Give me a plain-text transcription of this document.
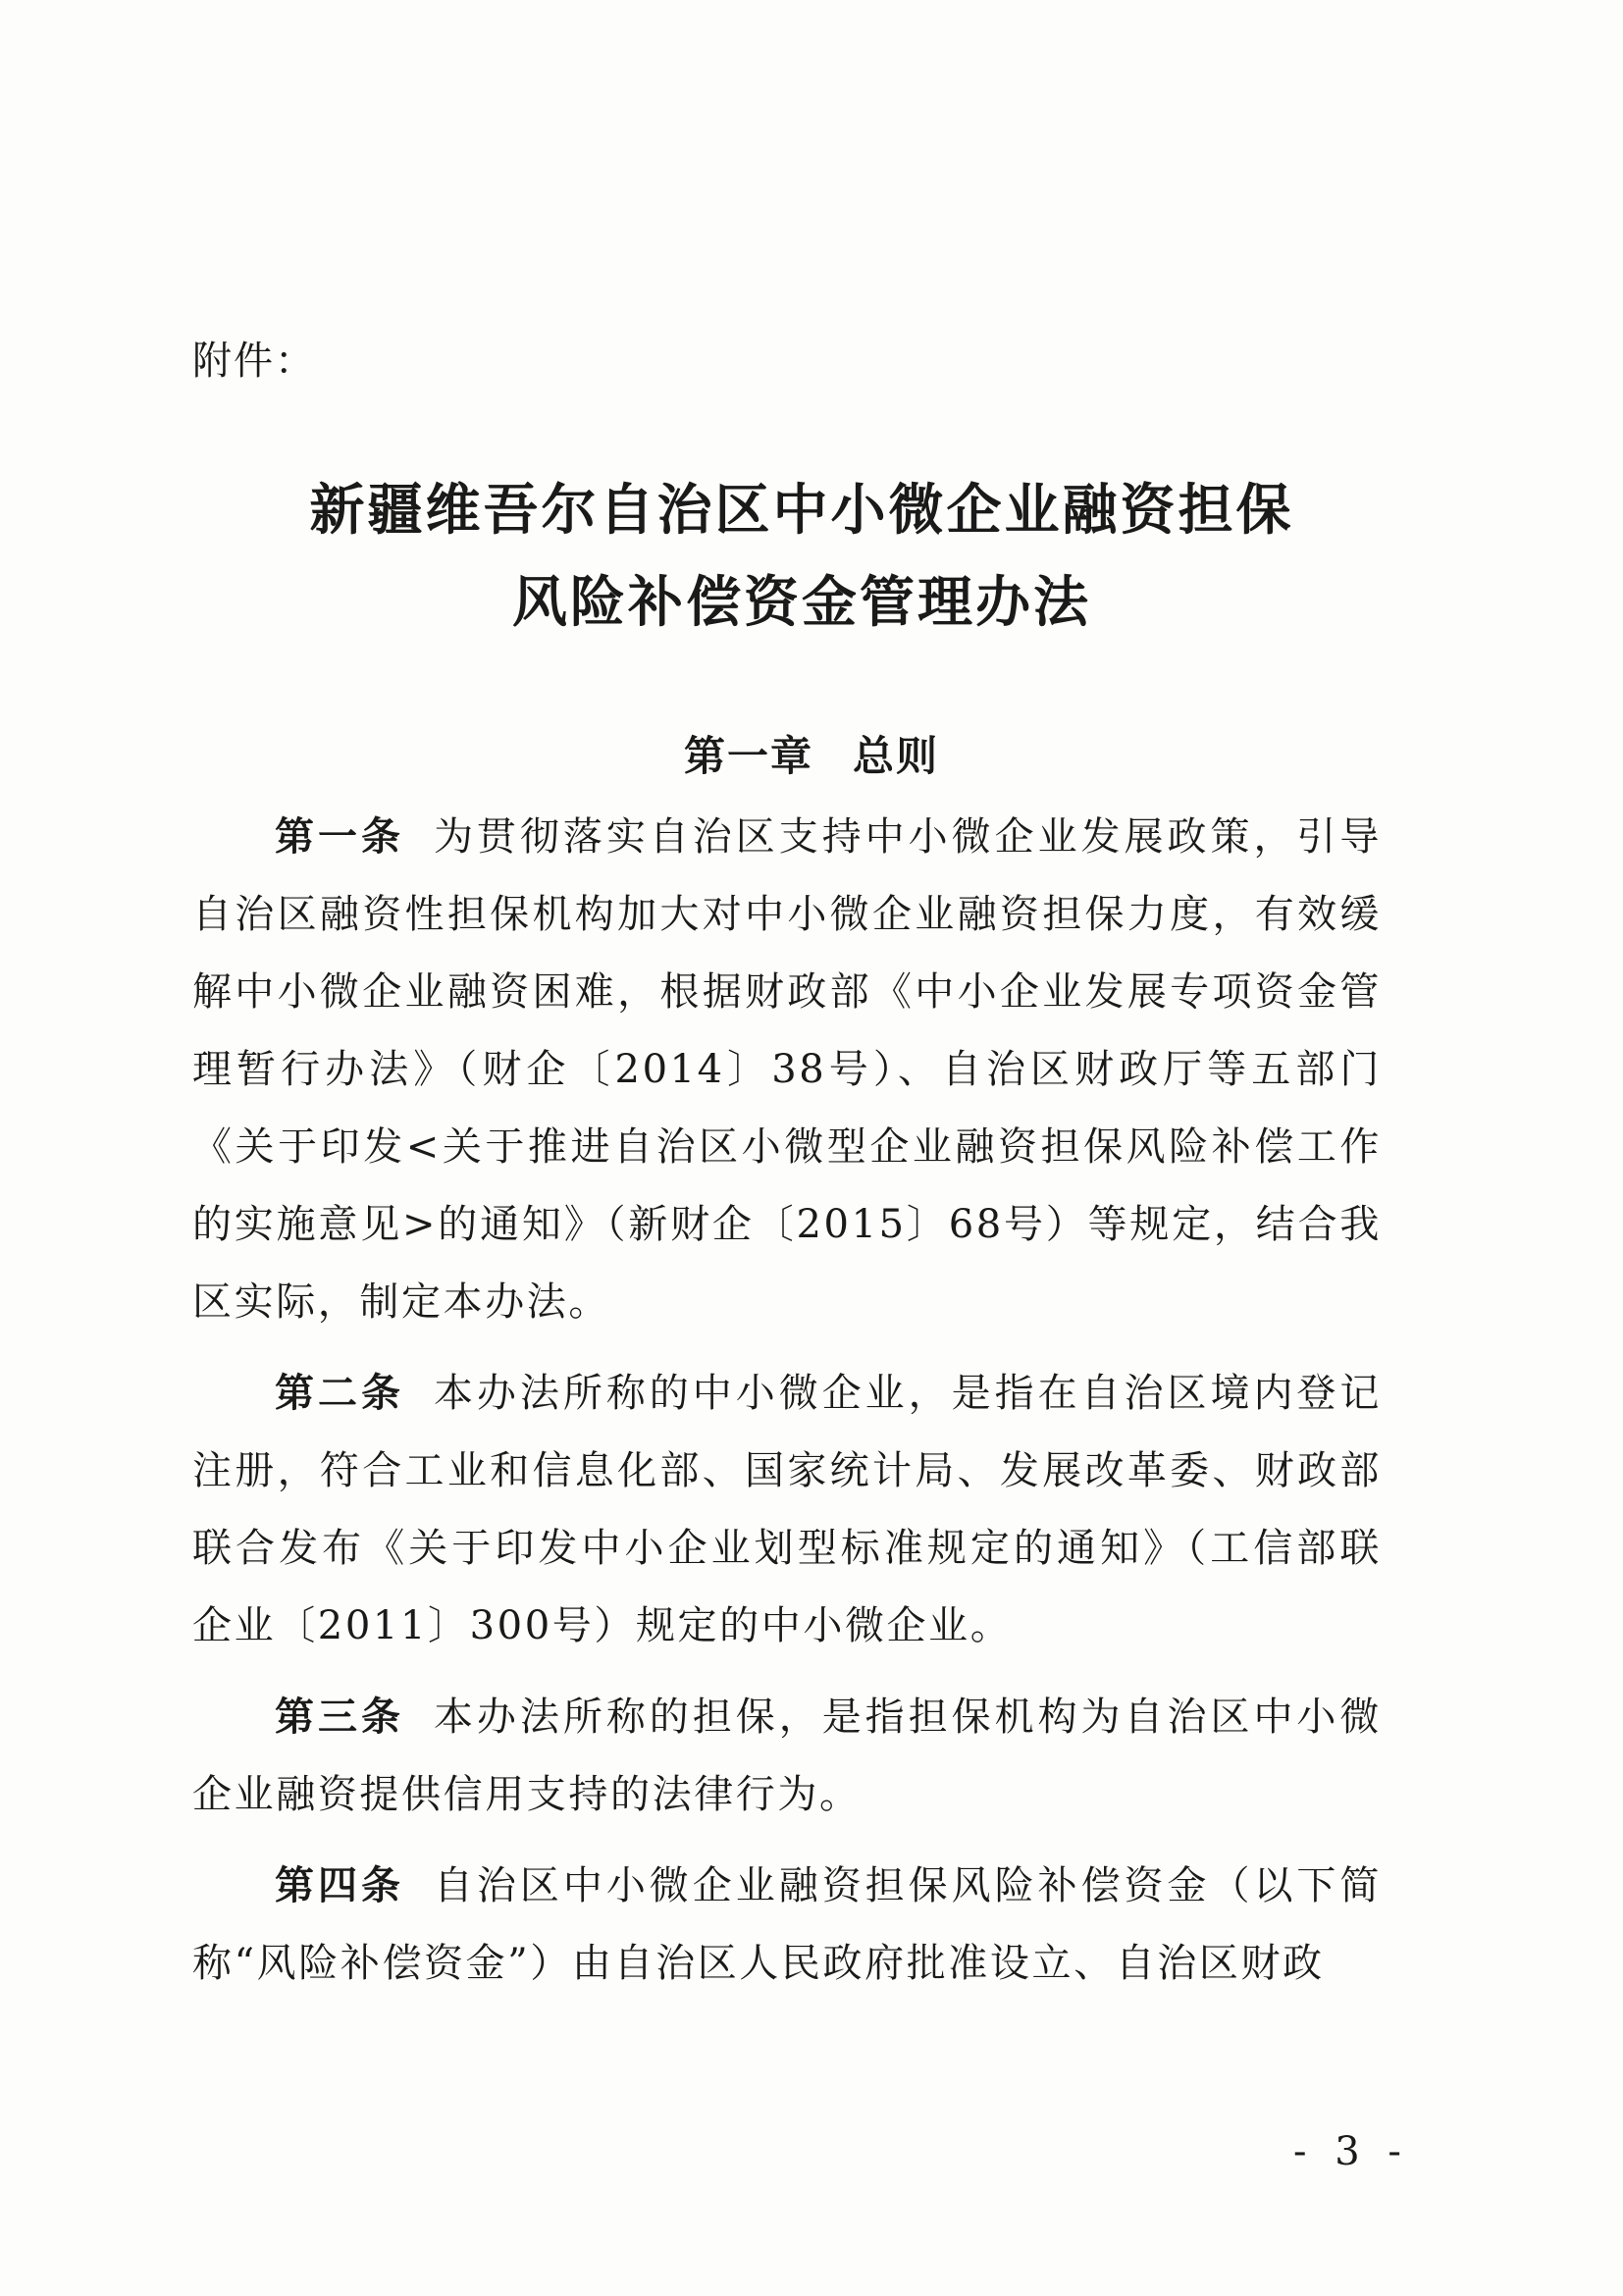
附件：
新疆维吾尔自治区中小微企业融资担保
风险补偿资金管理办法
第一章 总则

第一条 为贯彻落实自治区支持中小微企业发展政策，引导自治区融资性担保机构加大对中小微企业融资担保力度，有效缓解中小微企业融资困难，根据财政部《中小企业发展专项资金管理暂行办法》（财企〔2014〕38号）、自治区财政厅等五部门《关于印发<关于推进自治区小微型企业融资担保风险补偿工作的实施意见>的通知》（新财企〔2015〕68号）等规定，结合我区实际，制定本办法。

第二条 本办法所称的中小微企业，是指在自治区境内登记注册，符合工业和信息化部、国家统计局、发展改革委、财政部联合发布《关于印发中小企业划型标准规定的通知》（工信部联企业〔2011〕300号）规定的中小微企业。

第三条 本办法所称的担保，是指担保机构为自治区中小微企业融资提供信用支持的法律行为。

第四条 自治区中小微企业融资担保风险补偿资金（以下简称“风险补偿资金”）由自治区人民政府批准设立、自治区财政

- 3 -
